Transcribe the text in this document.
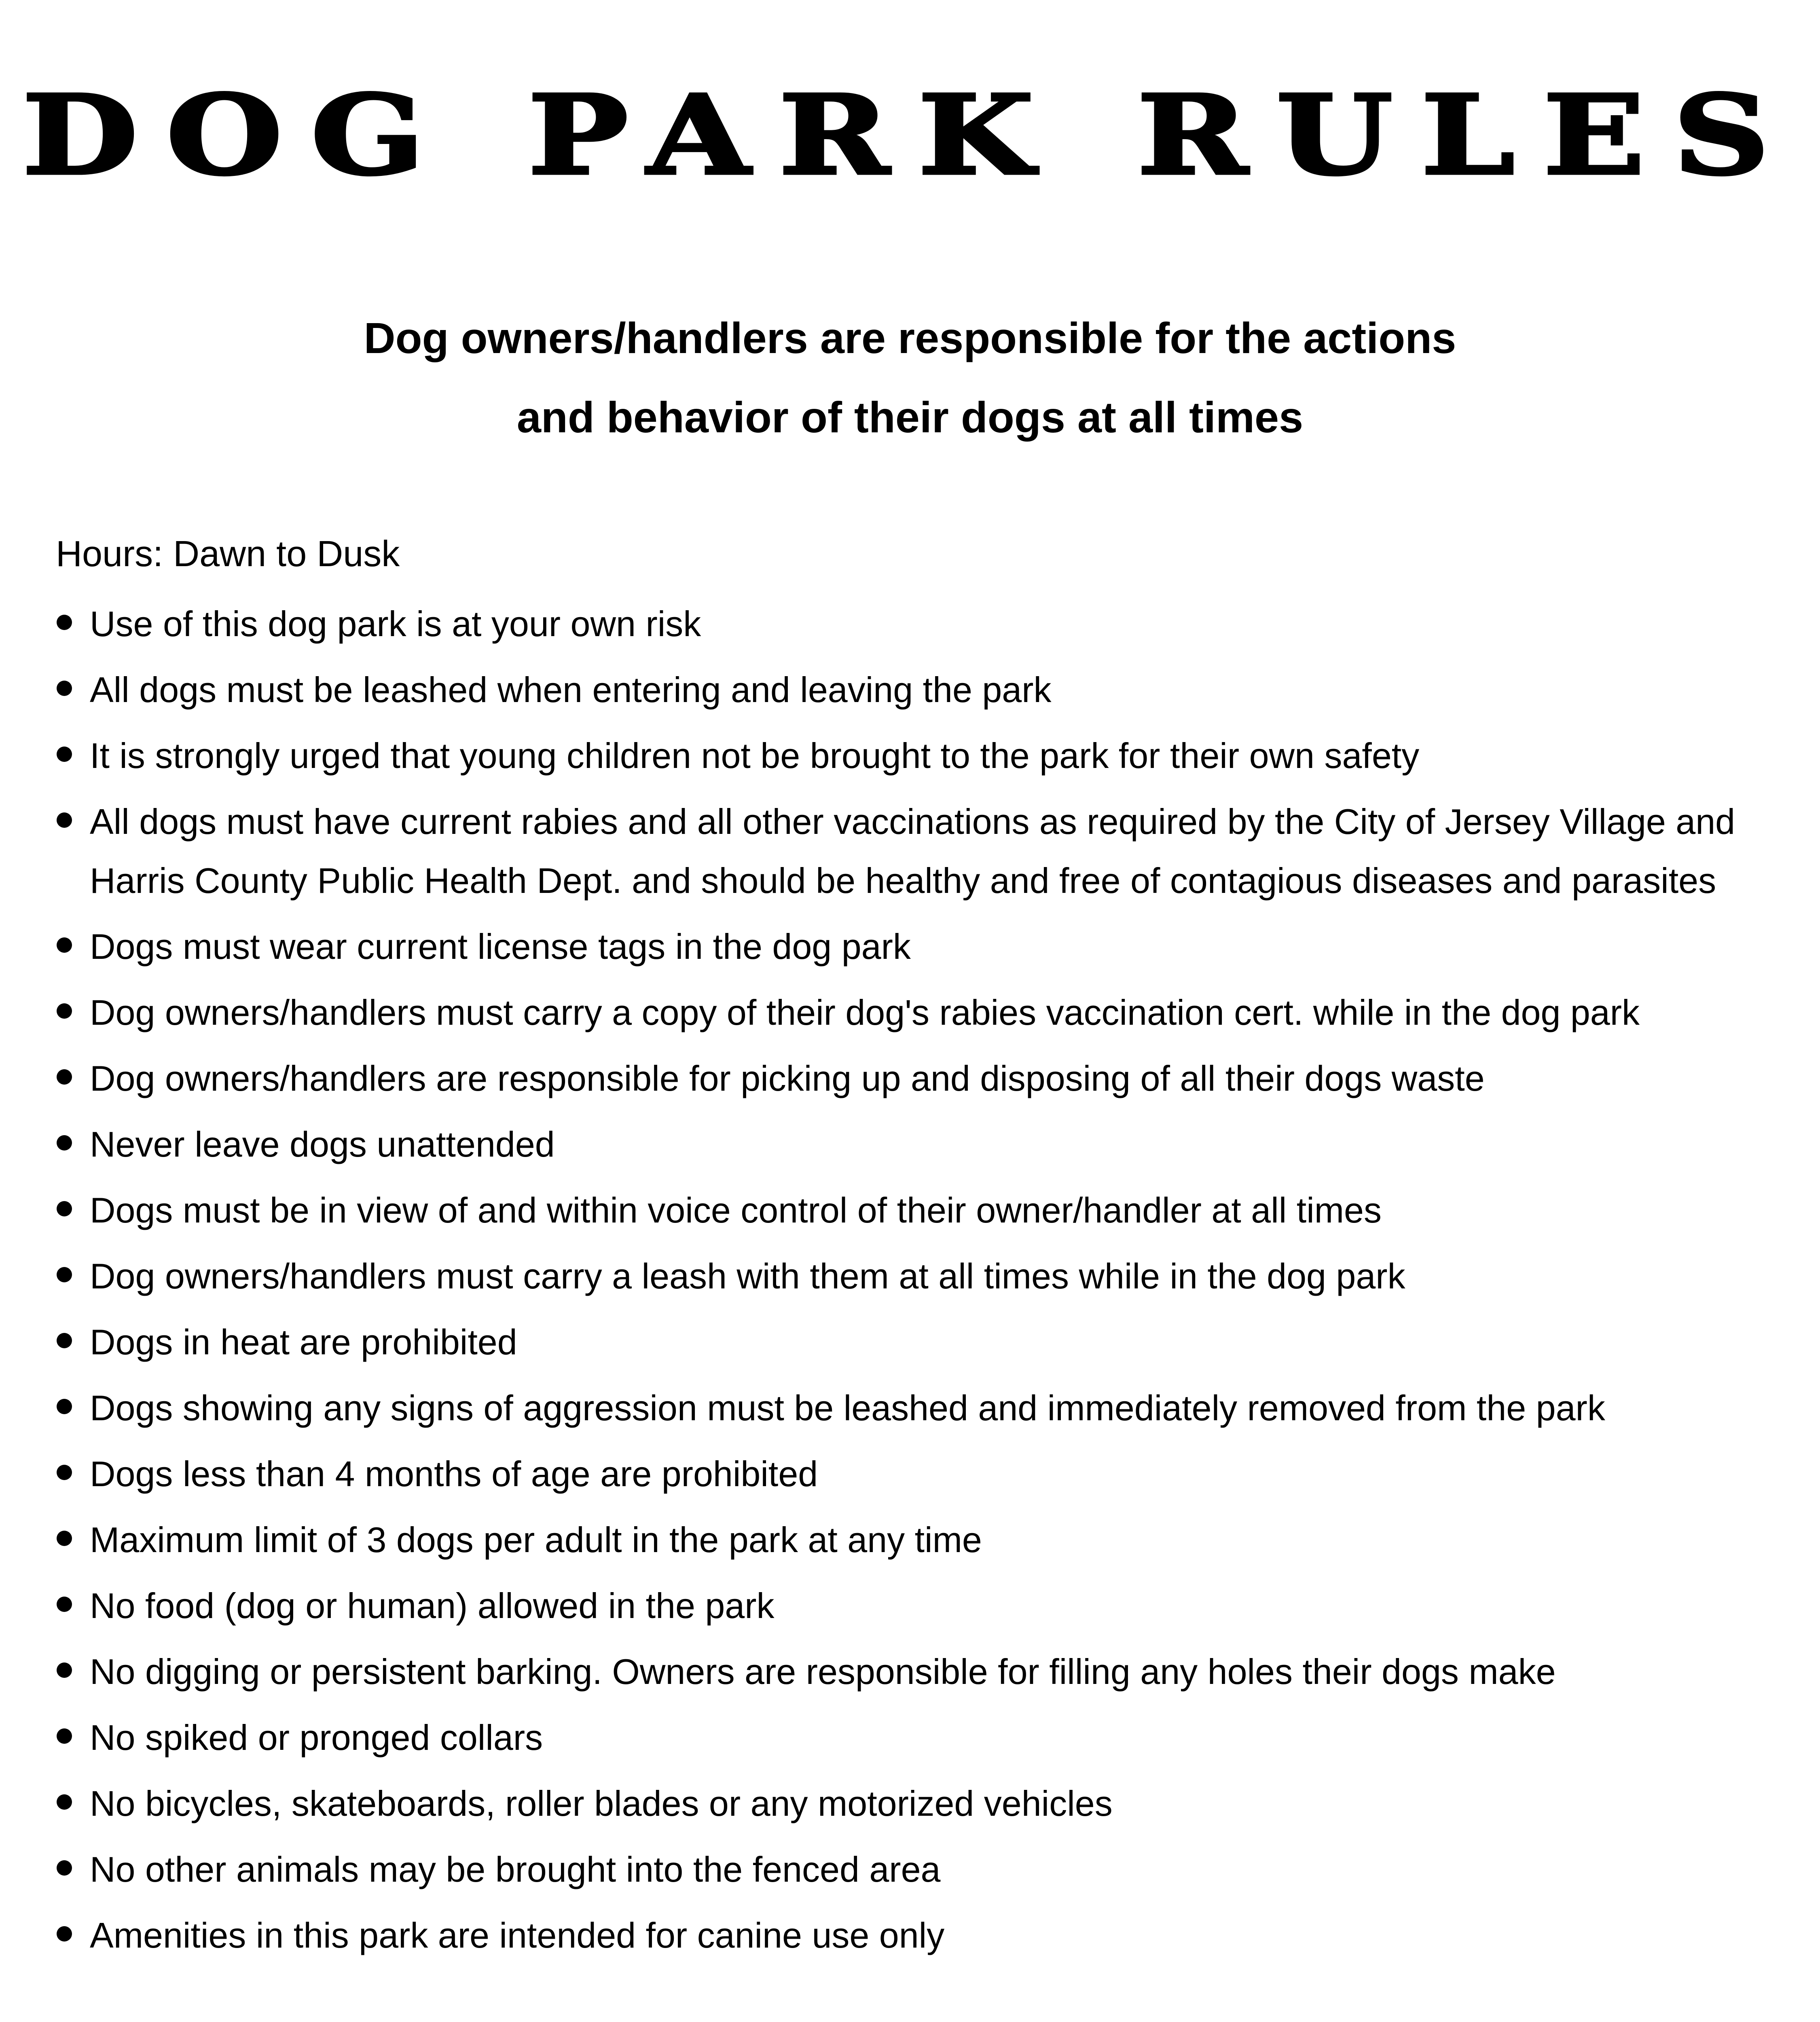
DOG PARK RULES
Dog owners/handlers are responsible for the actions
and behavior of their dogs at all times

Hours: Dawn to Dusk

Use of this dog park is at your own risk
All dogs must be leashed when entering and leaving the park
It is strongly urged that young children not be brought to the park for their own safety
All dogs must have current rabies and all other vaccinations as required by the City of Jersey Village and
Harris County Public Health Dept. and should be healthy and free of contagious diseases and parasites
Dogs must wear current license tags in the dog park
Dog owners/handlers must carry a copy of their dog's rabies vaccination cert. while in the dog park
Dog owners/handlers are responsible for picking up and disposing of all their dogs waste
Never leave dogs unattended
Dogs must be in view of and within voice control of their owner/handler at all times
Dog owners/handlers must carry a leash with them at all times while in the dog park
Dogs in heat are prohibited
Dogs showing any signs of aggression must be leashed and immediately removed from the park
Dogs less than 4 months of age are prohibited
Maximum limit of 3 dogs per adult in the park at any time
No food (dog or human) allowed in the park
No digging or persistent barking. Owners are responsible for filling any holes their dogs make
No spiked or pronged collars
No bicycles, skateboards, roller blades or any motorized vehicles
No other animals may be brought into the fenced area
Amenities in this park are intended for canine use only
